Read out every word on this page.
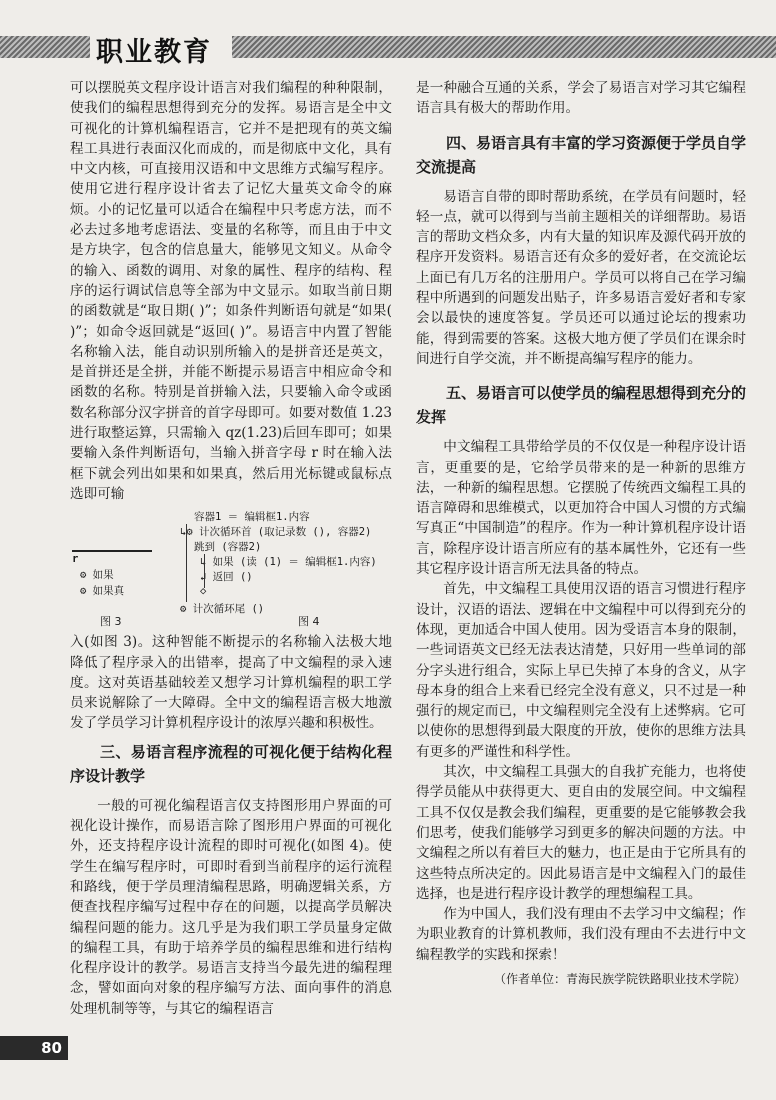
职业教育

可以摆脱英文程序设计语言对我们编程的种种限制，使我们的编程思想得到充分的发挥。易语言是全中文可视化的计算机编程语言，它并不是把现有的英文编程工具进行表面汉化而成的，而是彻底中文化，具有中文内核，可直接用汉语和中文思维方式编写程序。使用它进行程序设计省去了记忆大量英文命令的麻烦。小的记忆量可以适合在编程中只考虑方法，而不必去过多地考虑语法、变量的名称等，而且由于中文是方块字，包含的信息量大，能够见文知义。从命令的输入、函数的调用、对象的属性、程序的结构、程序的运行调试信息等全部为中文显示。如取当前日期的函数就是“取日期( )”；如条件判断语句就是“如果( )”；如命令返回就是“返回( )”。易语言中内置了智能名称输入法，能自动识别所输入的是拼音还是英文，是首拼还是全拼，并能不断提示易语言中相应命令和函数的名称。特别是首拼输入法，只要输入命令或函数名称部分汉字拼音的首字母即可。如要对数值 1.23 进行取整运算，只需输入 qz(1.23)后回车即可；如果要输入条件判断语句，当输入拼音字母 r 时在输入法框下就会列出如果和如果真，然后用光标键或鼠标点选即可输

r
⚙ 如果
⚙ 如果真
图 3
容器1 ＝ 编辑框1.内容
↳⚙ 计次循环首 (取记录数 (), 容器2)
跳到 (容器2)
↳ 如果 (读 (1) ＝ 编辑框1.内容)
↲ 返回 ()
◇
⚙ 计次循环尾 ()
图 4

入(如图 3)。这种智能不断提示的名称输入法极大地降低了程序录入的出错率，提高了中文编程的录入速度。这对英语基础较差又想学习计算机编程的职工学员来说解除了一大障碍。全中文的编程语言极大地激发了学员学习计算机程序设计的浓厚兴趣和积极性。

三、易语言程序流程的可视化便于结构化程序设计教学

一般的可视化编程语言仅支持图形用户界面的可视化设计操作，而易语言除了图形用户界面的可视化外，还支持程序设计流程的即时可视化(如图 4)。使学生在编写程序时，可即时看到当前程序的运行流程和路线，便于学员理清编程思路，明确逻辑关系，方便查找程序编写过程中存在的问题，以提高学员解决编程问题的能力。这几乎是为我们职工学员量身定做的编程工具，有助于培养学员的编程思维和进行结构化程序设计的教学。易语言支持当今最先进的编程理念，譬如面向对象的程序编写方法、面向事件的消息处理机制等等，与其它的编程语言

是一种融合互通的关系，学会了易语言对学习其它编程语言具有极大的帮助作用。

四、易语言具有丰富的学习资源便于学员自学交流提高

易语言自带的即时帮助系统，在学员有问题时，轻轻一点，就可以得到与当前主题相关的详细帮助。易语言的帮助文档众多，内有大量的知识库及源代码开放的程序开发资料。易语言还有众多的爱好者，在交流论坛上面已有几万名的注册用户。学员可以将自己在学习编程中所遇到的问题发出贴子，许多易语言爱好者和专家会以最快的速度答复。学员还可以通过论坛的搜索功能，得到需要的答案。这极大地方便了学员们在课余时间进行自学交流，并不断提高编写程序的能力。

五、易语言可以使学员的编程思想得到充分的发挥

中文编程工具带给学员的不仅仅是一种程序设计语言，更重要的是，它给学员带来的是一种新的思维方法，一种新的编程思想。它摆脱了传统西文编程工具的语言障碍和思维模式，以更加符合中国人习惯的方式编写真正“中国制造”的程序。作为一种计算机程序设计语言，除程序设计语言所应有的基本属性外，它还有一些其它程序设计语言所无法具备的特点。

首先，中文编程工具使用汉语的语言习惯进行程序设计，汉语的语法、逻辑在中文编程中可以得到充分的体现，更加适合中国人使用。因为受语言本身的限制，一些词语英文已经无法表达清楚，只好用一些单词的部分字头进行组合，实际上早已失掉了本身的含义，从字母本身的组合上来看已经完全没有意义，只不过是一种强行的规定而已，中文编程则完全没有上述弊病。它可以使你的思想得到最大限度的开放，使你的思维方法具有更多的严谨性和科学性。

其次，中文编程工具强大的自我扩充能力，也将使得学员能从中获得更大、更自由的发展空间。中文编程工具不仅仅是教会我们编程，更重要的是它能够教会我们思考，使我们能够学习到更多的解决问题的方法。中文编程之所以有着巨大的魅力，也正是由于它所具有的这些特点所决定的。因此易语言是中文编程入门的最佳选择，也是进行程序设计教学的理想编程工具。

作为中国人，我们没有理由不去学习中文编程；作为职业教育的计算机教师，我们没有理由不去进行中文编程教学的实践和探索！

（作者单位：青海民族学院铁路职业技术学院）
80
